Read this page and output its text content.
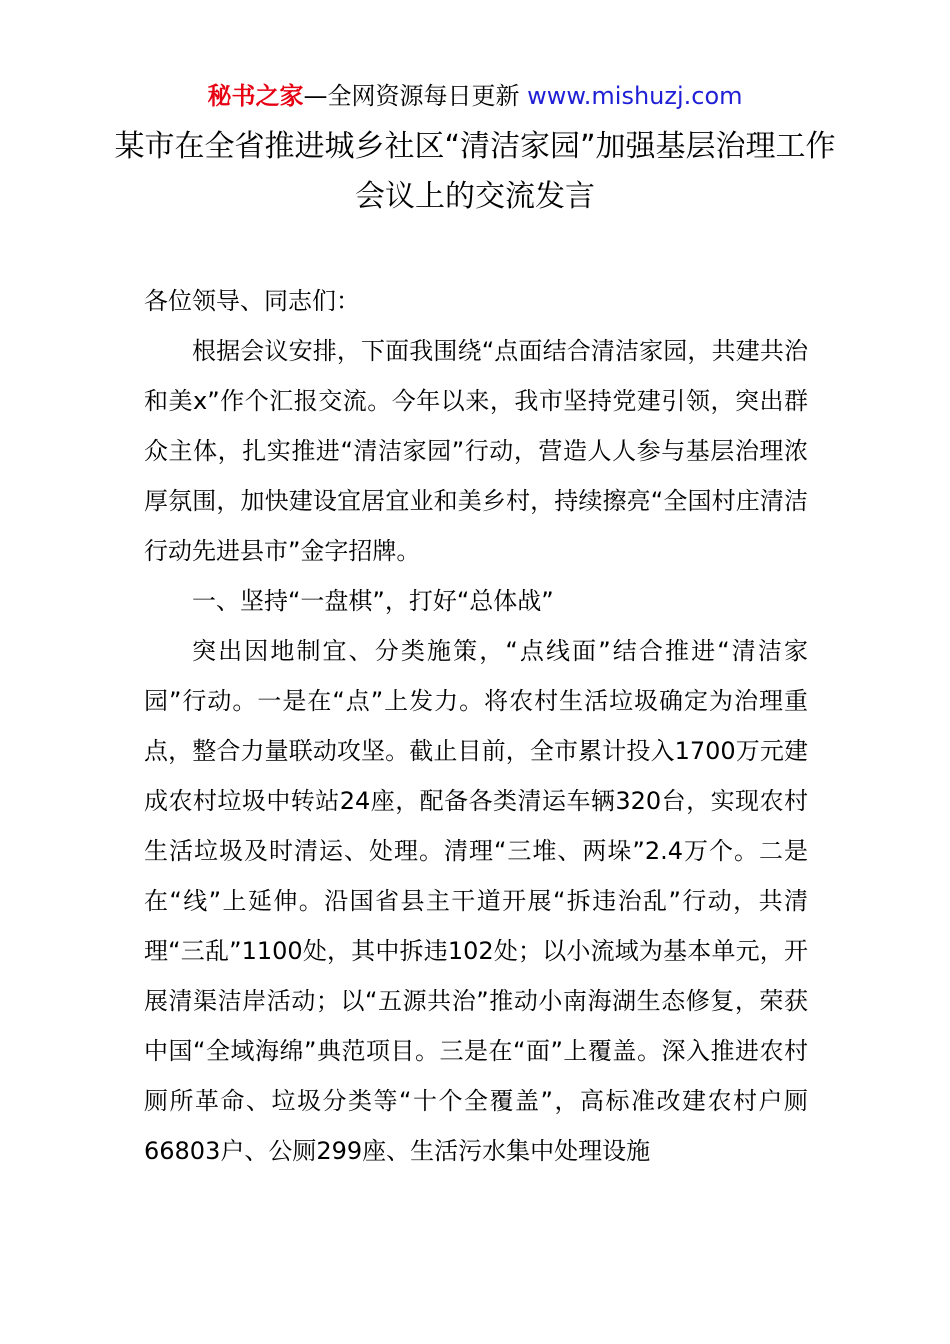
秘书之家—全网资源每日更新 www.mishuzj.com
某市在全省推进城乡社区“清洁家园”加强基层治理工作会议上的交流发言

各位领导、同志们：

根据会议安排，下面我围绕“点面结合清洁家园，共建共治和美x”作个汇报交流。今年以来，我市坚持党建引领，突出群众主体，扎实推进“清洁家园”行动，营造人人参与基层治理浓厚氛围，加快建设宜居宜业和美乡村，持续擦亮“全国村庄清洁行动先进县市”金字招牌。

一、坚持“一盘棋”，打好“总体战”

突出因地制宜、分类施策，“点线面”结合推进“清洁家园”行动。一是在“点”上发力。将农村生活垃圾确定为治理重点，整合力量联动攻坚。截止目前，全市累计投入1700万元建成农村垃圾中转站24座，配备各类清运车辆320台，实现农村生活垃圾及时清运、处理。清理“三堆、两垛”2.4万个。二是在“线”上延伸。沿国省县主干道开展“拆违治乱”行动，共清理“三乱”1100处，其中拆违102处；以小流域为基本单元，开展清渠洁岸活动；以“五源共治”推动小南海湖生态修复，荣获中国“全域海绵”典范项目。三是在“面”上覆盖。深入推进农村厕所革命、垃圾分类等“十个全覆盖”，高标准改建农村户厕66803户、公厕299座、生活污水集中处理设施
